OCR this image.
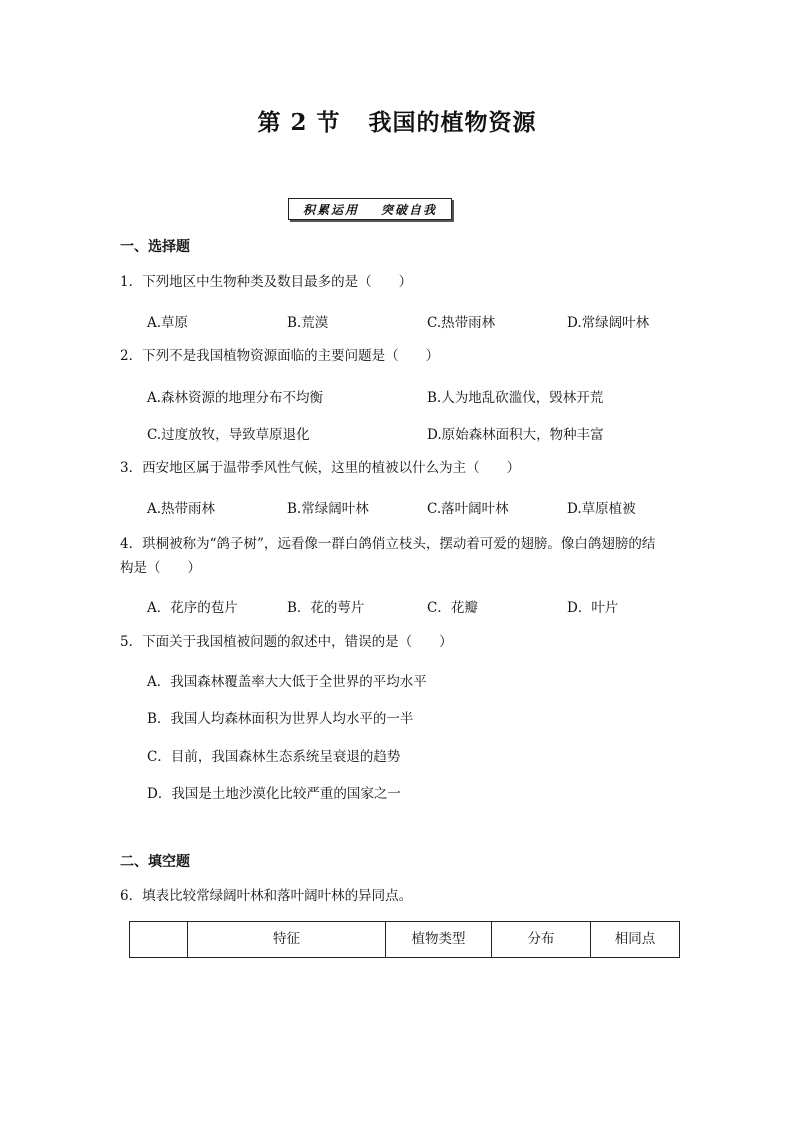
第 2 节 我国的植物资源
积累运用 突破自我
一、选择题
1．下列地区中生物种类及数目最多的是（　　）
A.草原	B.荒漠	C.热带雨林	D.常绿阔叶林
2．下列不是我国植物资源面临的主要问题是（　　）
A.森林资源的地理分布不均衡	B.人为地乱砍滥伐，毁林开荒
C.过度放牧，导致草原退化	D.原始森林面积大，物种丰富
3．西安地区属于温带季风性气候，这里的植被以什么为主（　　）
A.热带雨林	B.常绿阔叶林	C.落叶阔叶林	D.草原植被
4．珙桐被称为“鸽子树”，远看像一群白鸽俏立枝头，摆动着可爱的翅膀。像白鸽翅膀的结
构是（　　）
A．花序的苞片	B．花的萼片	C．花瓣	D．叶片
5．下面关于我国植被问题的叙述中，错误的是（　　）
A．我国森林覆盖率大大低于全世界的平均水平
B．我国人均森林面积为世界人均水平的一半
C．目前，我国森林生态系统呈衰退的趋势
D．我国是土地沙漠化比较严重的国家之一
二、填空题
6．填表比较常绿阔叶林和落叶阔叶林的异同点。
	特征	植物类型	分布	相同点
